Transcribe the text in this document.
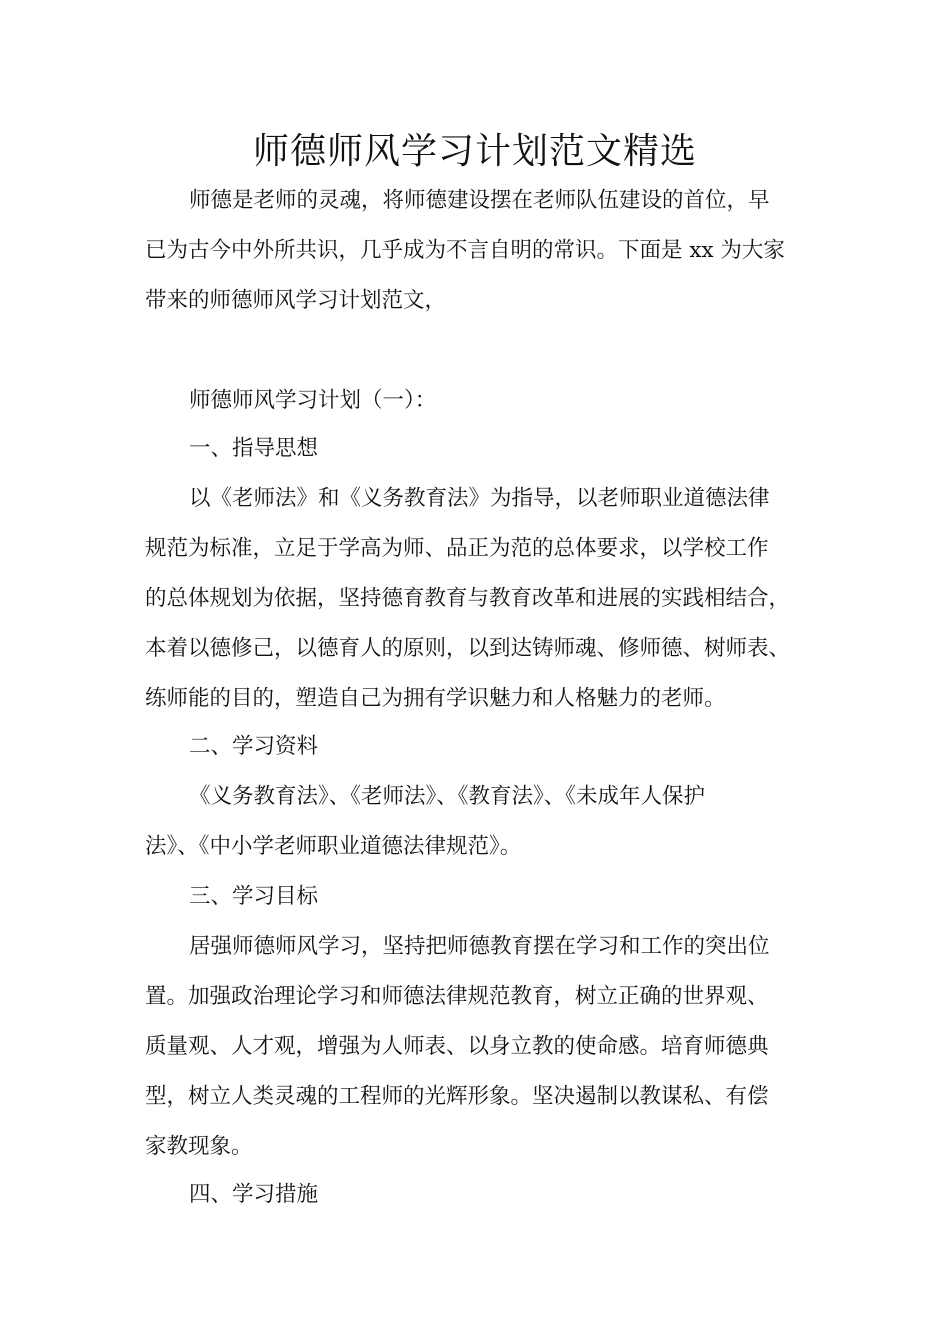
师德师风学习计划范文精选
师德是老师的灵魂，将师德建设摆在老师队伍建设的首位，早
已为古今中外所共识，几乎成为不言自明的常识。下面是 xx 为大家
带来的师德师风学习计划范文，
师德师风学习计划（一）：
一、指导思想
以《老师法》和《义务教育法》为指导，以老师职业道德法律
规范为标准，立足于学高为师、品正为范的总体要求，以学校工作
的总体规划为依据，坚持德育教育与教育改革和进展的实践相结合，
本着以德修己，以德育人的原则，以到达铸师魂、修师德、树师表、
练师能的目的，塑造自己为拥有学识魅力和人格魅力的老师。
二、学习资料
《义务教育法》、《老师法》、《教育法》、《未成年人保护
法》、《中小学老师职业道德法律规范》。
三、学习目标
居强师德师风学习，坚持把师德教育摆在学习和工作的突出位
置。加强政治理论学习和师德法律规范教育，树立正确的世界观、
质量观、人才观，增强为人师表、以身立教的使命感。培育师德典
型，树立人类灵魂的工程师的光辉形象。坚决遏制以教谋私、有偿
家教现象。
四、学习措施
